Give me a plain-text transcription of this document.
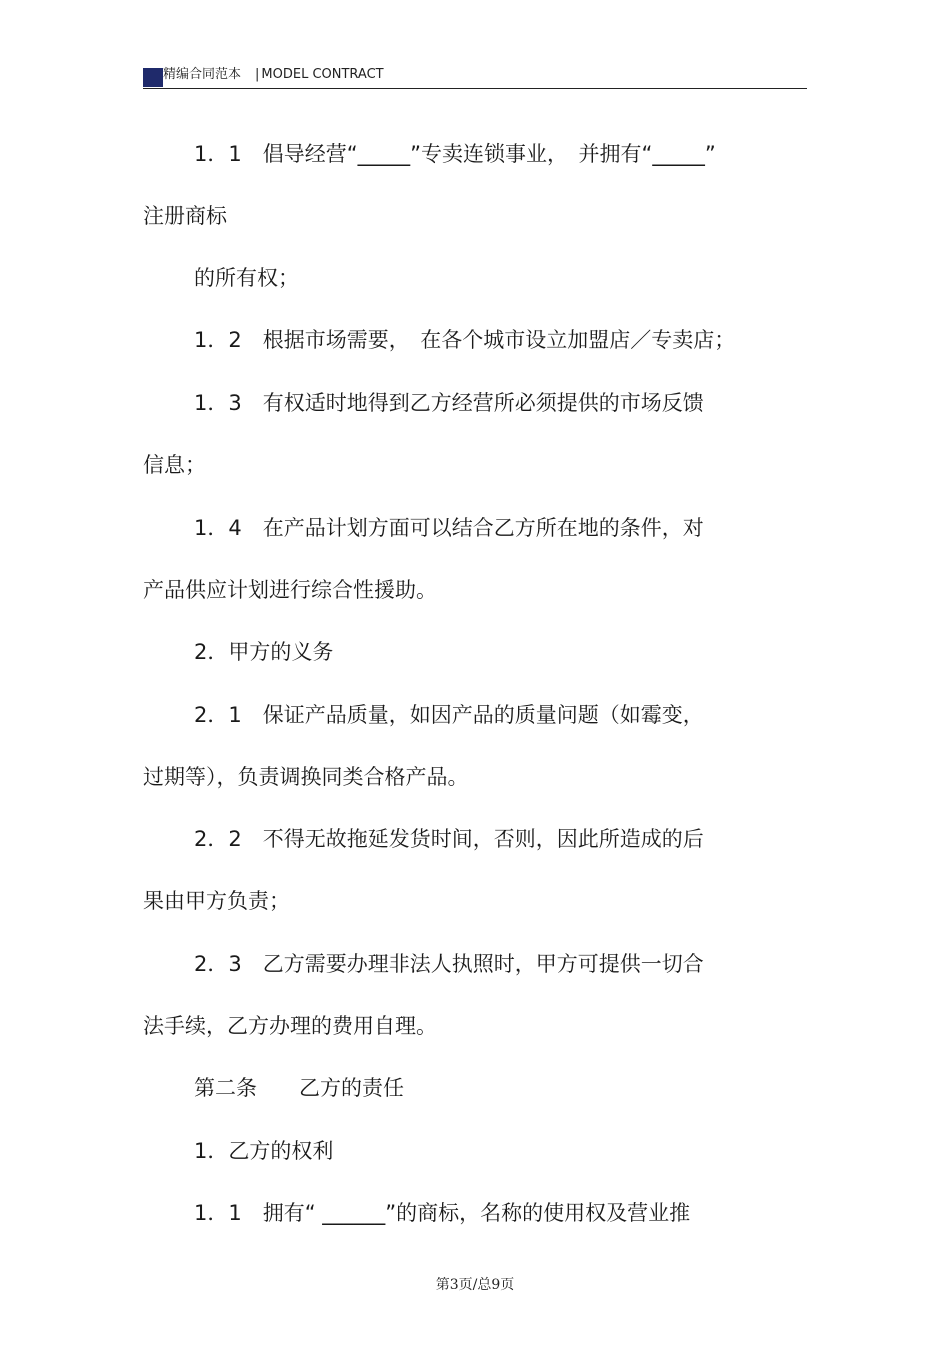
精编合同范本 | MODEL CONTRACT
1．1　倡导经营“_____”专卖连锁事业，　并拥有“_____”
注册商标
的所有权；
1．2　根据市场需要，　在各个城市设立加盟店／专卖店；
1．3　有权适时地得到乙方经营所必须提供的市场反馈
信息；
1．4　在产品计划方面可以结合乙方所在地的条件，对
产品供应计划进行综合性援助。
2．甲方的义务
2．1　保证产品质量，如因产品的质量问题（如霉变，
过期等），负责调换同类合格产品。
2．2　不得无故拖延发货时间，否则，因此所造成的后
果由甲方负责；
2．3　乙方需要办理非法人执照时，甲方可提供一切合
法手续，乙方办理的费用自理。
第二条　　乙方的责任
1．乙方的权利
1．1　拥有“ ______”的商标，名称的使用权及营业推
第3页/总9页
